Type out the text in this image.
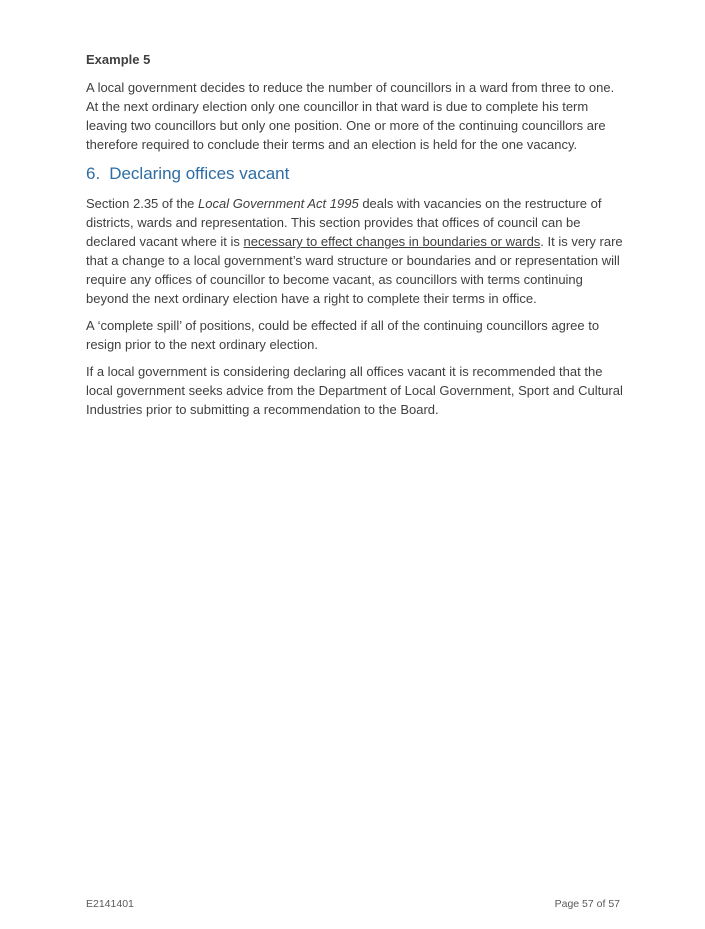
Example 5

A local government decides to reduce the number of councillors in a ward from three to one. At the next ordinary election only one councillor in that ward is due to complete his term leaving two councillors but only one position. One or more of the continuing councillors are therefore required to conclude their terms and an election is held for the one vacancy.

6. Declaring offices vacant

Section 2.35 of the Local Government Act 1995 deals with vacancies on the restructure of districts, wards and representation. This section provides that offices of council can be declared vacant where it is necessary to effect changes in boundaries or wards. It is very rare that a change to a local government’s ward structure or boundaries and or representation will require any offices of councillor to become vacant, as councillors with terms continuing beyond the next ordinary election have a right to complete their terms in office.

A ‘complete spill’ of positions, could be effected if all of the continuing councillors agree to resign prior to the next ordinary election.

If a local government is considering declaring all offices vacant it is recommended that the local government seeks advice from the Department of Local Government, Sport and Cultural Industries prior to submitting a recommendation to the Board.

E2141401	Page 57 of 57
